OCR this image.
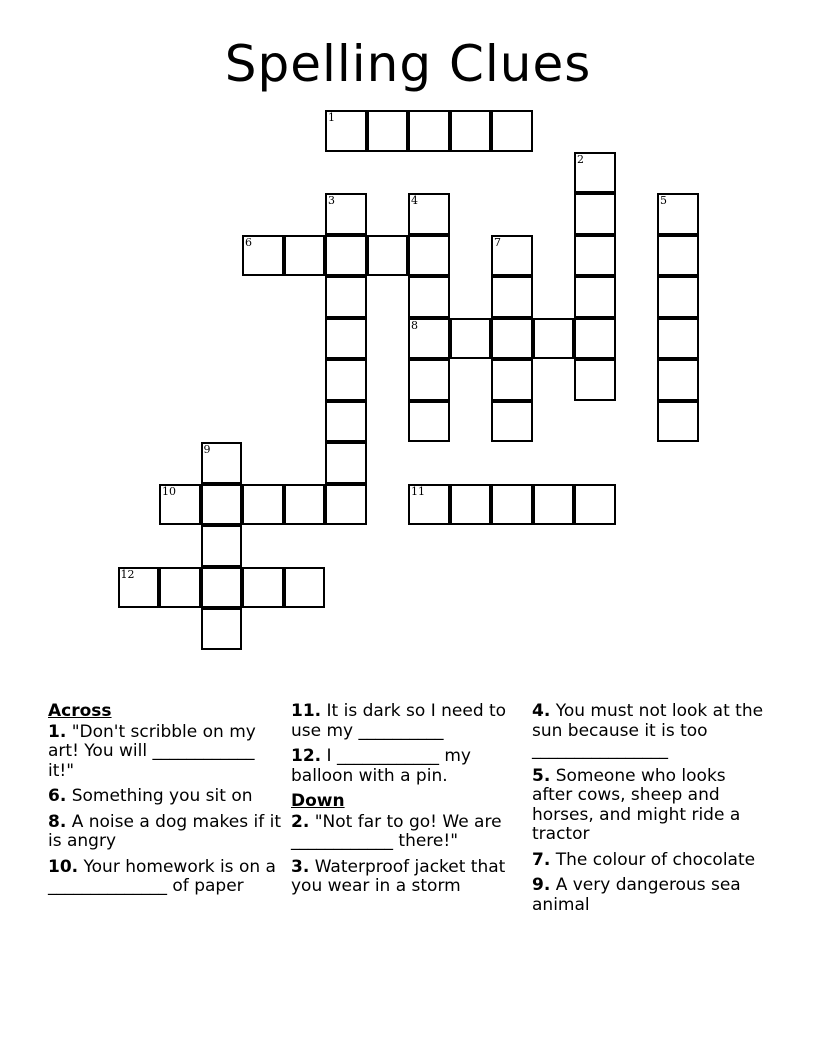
Spelling Clues
1
2
3	4
8
5
6	7
9
10	11
12
Across
1. "Don't scribble on my art! You will ____________ it!"
6. Something you sit on
8. A noise a dog makes if it is angry
10. Your homework is on a ______________ of paper
11. It is dark so I need to use my __________
12. I ____________ my balloon with a pin.
Down
2. "Not far to go! We are ____________ there!"
3. Waterproof jacket that you wear in a storm
4. You must not look at the sun because it is too ________________
5. Someone who looks after cows, sheep and horses, and might ride a tractor
7. The colour of chocolate
9. A very dangerous sea animal
